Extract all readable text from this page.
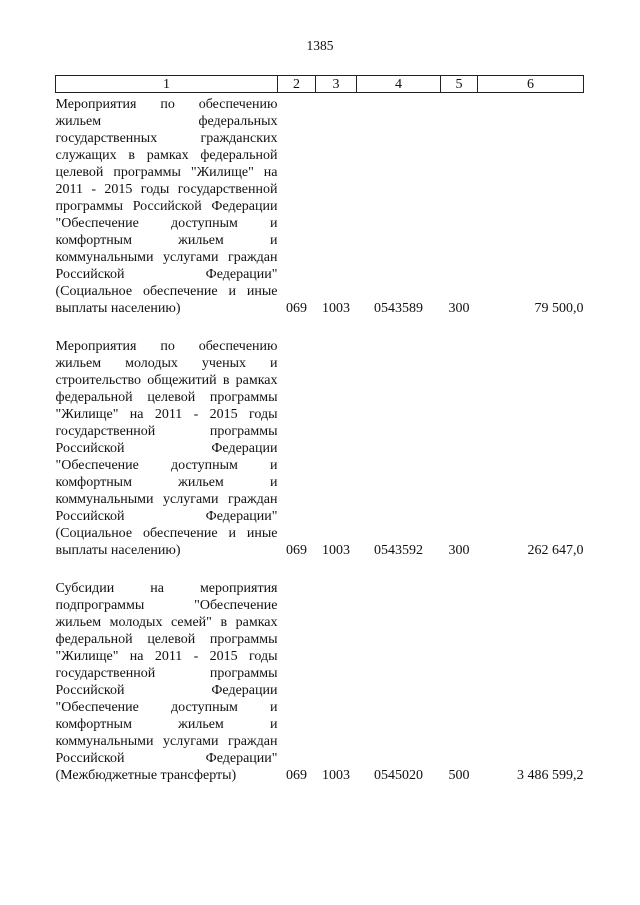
1385
1	2	3	4	5	6

Мероприятия по обеспечению жильем федеральных государственных гражданских служащих в рамках федеральной целевой программы "Жилище" на 2011 - 2015 годы государственной программы Российской Федерации "Обеспечение доступным и комфортным жильем и коммунальными услугами граждан Российской Федерации" (Социальное обеспечение и иные выплаты населению)	069	1003	0543589	300	79 500,0

Мероприятия по обеспечению жильем молодых ученых и строительство общежитий в рамках федеральной целевой программы "Жилище" на 2011 - 2015 годы государственной программы Российской Федерации "Обеспечение доступным и комфортным жильем и коммунальными услугами граждан Российской Федерации" (Социальное обеспечение и иные выплаты населению)	069	1003	0543592	300	262 647,0

Субсидии на мероприятия подпрограммы "Обеспечение жильем молодых семей" в рамках федеральной целевой программы "Жилище" на 2011 - 2015 годы государственной программы Российской Федерации "Обеспечение доступным и комфортным жильем и коммунальными услугами граждан Российской Федерации" (Межбюджетные трансферты)	069	1003	0545020	500	3 486 599,2
